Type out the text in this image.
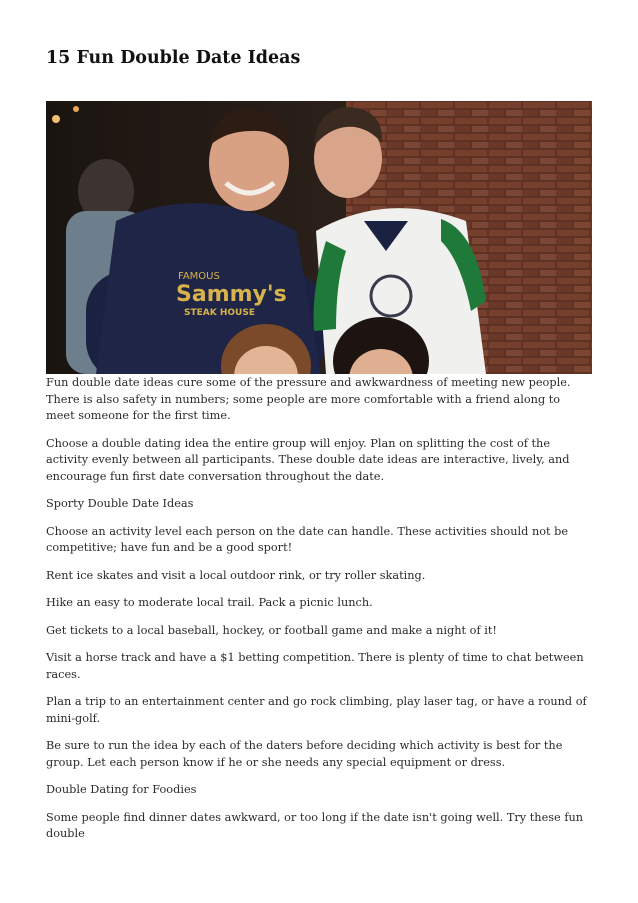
15 Fun Double Date Ideas
FAMOUS
Sammy's
STEAK HOUSE

Fun double date ideas cure some of the pressure and awkwardness of meeting new people. There is also safety in numbers; some people are more comfortable with a friend along to meet someone for the first time.

Choose a double dating idea the entire group will enjoy. Plan on splitting the cost of the activity evenly between all participants. These double date ideas are interactive, lively, and encourage fun first date conversation throughout the date.

Sporty Double Date Ideas

Choose an activity level each person on the date can handle. These activities should not be competitive; have fun and be a good sport!

Rent ice skates and visit a local outdoor rink, or try roller skating.

Hike an easy to moderate local trail. Pack a picnic lunch.

Get tickets to a local baseball, hockey, or football game and make a night of it!

Visit a horse track and have a $1 betting competition. There is plenty of time to chat between races.

Plan a trip to an entertainment center and go rock climbing, play laser tag, or have a round of mini-golf.

Be sure to run the idea by each of the daters before deciding which activity is best for the group. Let each person know if he or she needs any special equipment or dress.

Double Dating for Foodies

Some people find dinner dates awkward, or too long if the date isn't going well. Try these fun double
